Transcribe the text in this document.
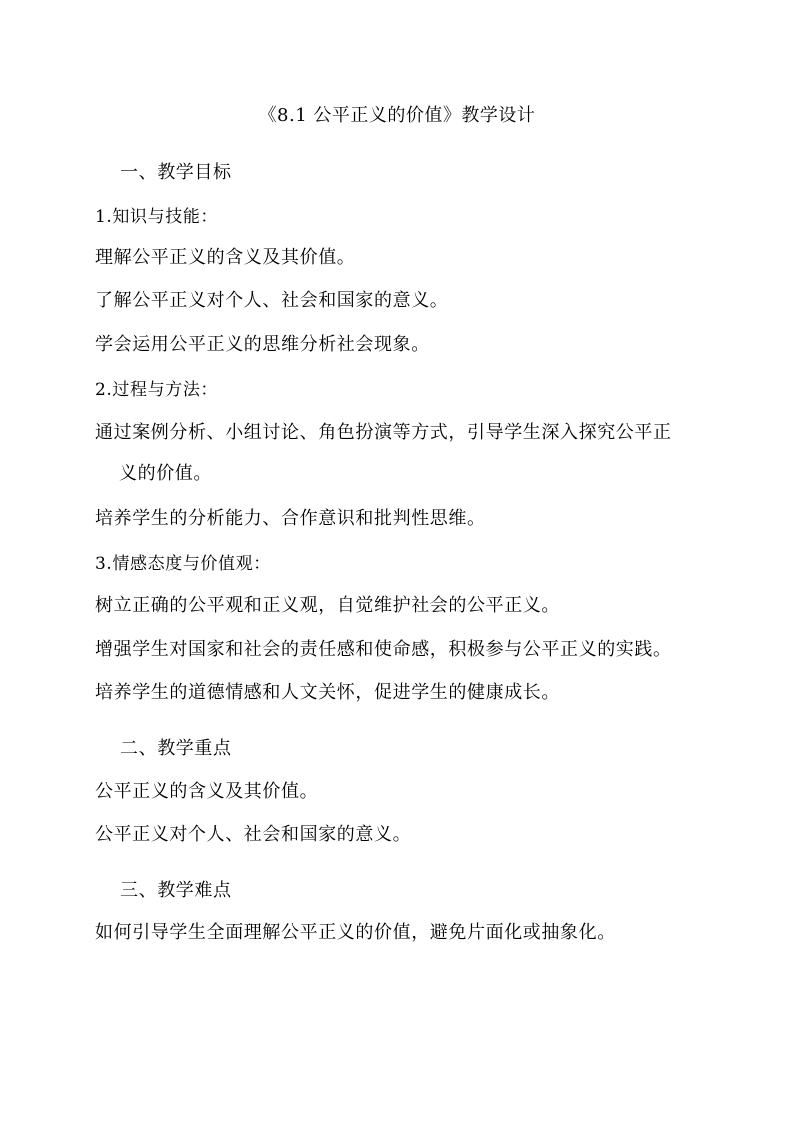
《8.1 公平正义的价值》教学设计
一、教学目标
1.知识与技能：
理解公平正义的含义及其价值。
了解公平正义对个人、社会和国家的意义。
学会运用公平正义的思维分析社会现象。
2.过程与方法：
通过案例分析、小组讨论、角色扮演等方式，引导学生深入探究公平正
义的价值。
培养学生的分析能力、合作意识和批判性思维。
3.情感态度与价值观：
树立正确的公平观和正义观，自觉维护社会的公平正义。
增强学生对国家和社会的责任感和使命感，积极参与公平正义的实践。
培养学生的道德情感和人文关怀，促进学生的健康成长。
二、教学重点
公平正义的含义及其价值。
公平正义对个人、社会和国家的意义。
三、教学难点
如何引导学生全面理解公平正义的价值，避免片面化或抽象化。
